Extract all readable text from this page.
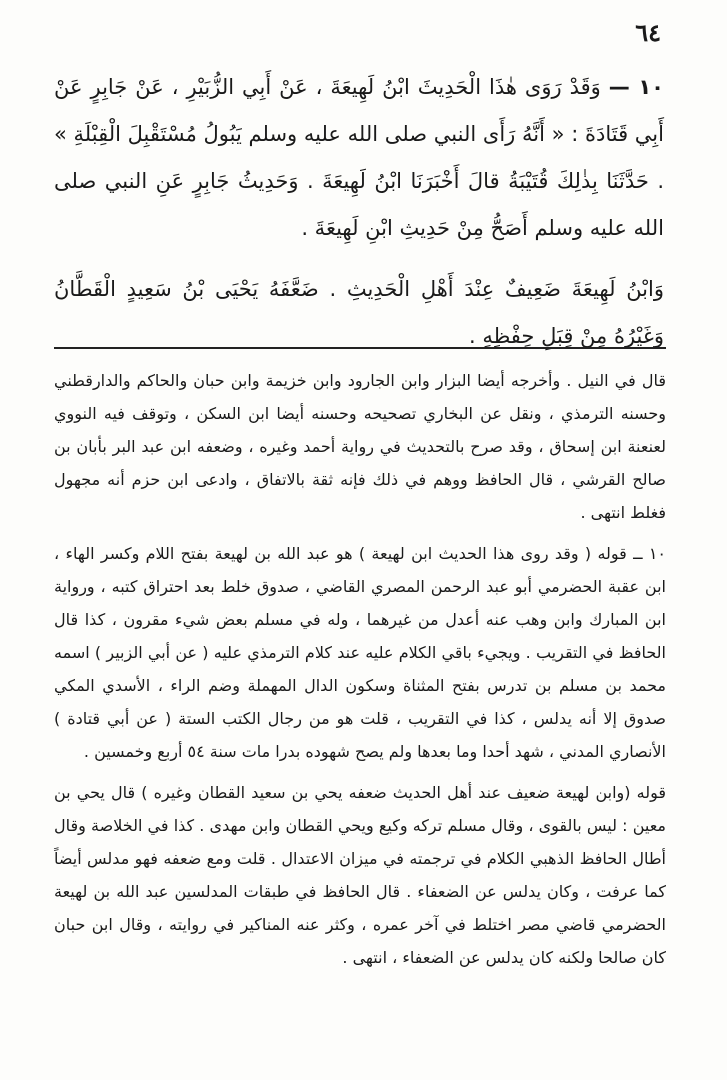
٦٤

١٠ — وَقَدْ رَوَى هٰذَا الْحَدِيثَ ابْنُ لَهِيعَةَ ، عَنْ أَبِي الزُّبَيْرِ ، عَنْ جَابِرٍ عَنْ أَبِي قَتَادَةَ : « أَنَّهُ رَأَى النبي صلى الله عليه وسلم يَبُولُ مُسْتَقْبِلَ الْقِبْلَةِ » . حَدَّثَنَا بِذٰلِكَ قُتَيْبَةُ قالَ أَخْبَرَنَا ابْنُ لَهِيعَةَ . وَحَدِيثُ جَابِرٍ عَنِ النبي صلى الله عليه وسلم أَصَحُّ مِنْ حَدِيثِ ابْنِ لَهِيعَةَ .

وَابْنُ لَهِيعَةَ ضَعِيفٌ عِنْدَ أَهْلِ الْحَدِيثِ . ضَعَّفَهُ يَحْيَى بْنُ سَعِيدٍ الْقَطَّانُ وَغَيْرُهُ مِنْ قِبَلِ حِفْظِهِ .

قال في النيل . وأخرجه أيضا البزار وابن الجارود وابن خزيمة وابن حبان والحاكم والدارقطني وحسنه الترمذي ، ونقل عن البخاري تصحيحه وحسنه أيضا ابن السكن ، وتوقف فيه النووي لعنعنة ابن إسحاق ، وقد صرح بالتحديث في رواية أحمد وغيره ، وضعفه ابن عبد البر بأبان بن صالح القرشي ، قال الحافظ ووهم في ذلك فإنه ثقة بالاتفاق ، وادعى ابن حزم أنه مجهول فغلط انتهى .

١٠ ــ قوله ( وقد روى هذا الحديث ابن لهيعة ) هو عبد الله بن لهيعة بفتح اللام وكسر الهاء ، ابن عقبة الحضرمي أبو عبد الرحمن المصري القاضي ، صدوق خلط بعد احتراق كتبه ، ورواية ابن المبارك وابن وهب عنه أعدل من غيرهما ، وله في مسلم بعض شيء مقرون ، كذا قال الحافظ في التقريب . ويجيء باقي الكلام عليه عند كلام الترمذي عليه ( عن أبي الزبير ) اسمه محمد بن مسلم بن تدرس بفتح المثناة وسكون الدال المهملة وضم الراء ، الأسدي المكي صدوق إلا أنه يدلس ، كذا في التقريب ، قلت هو من رجال الكتب الستة ( عن أبي قتادة ) الأنصاري المدني ، شهد أحدا وما بعدها ولم يصح شهوده بدرا مات سنة ٥٤ أربع وخمسين .

قوله (وابن لهيعة ضعيف عند أهل الحديث ضعفه يحي بن سعيد القطان وغيره ) قال يحي بن معين : ليس بالقوى ، وقال مسلم تركه وكيع ويحي القطان وابن مهدى . كذا في الخلاصة وقال أطال الحافظ الذهبي الكلام في ترجمته في ميزان الاعتدال . قلت ومع ضعفه فهو مدلس أيضاً كما عرفت ، وكان يدلس عن الضعفاء . قال الحافظ في طبقات المدلسين عبد الله بن لهيعة الحضرمي قاضي مصر اختلط في آخر عمره ، وكثر عنه المناكير في روايته ، وقال ابن حبان كان صالحا ولكنه كان يدلس عن الضعفاء ، انتهى .
